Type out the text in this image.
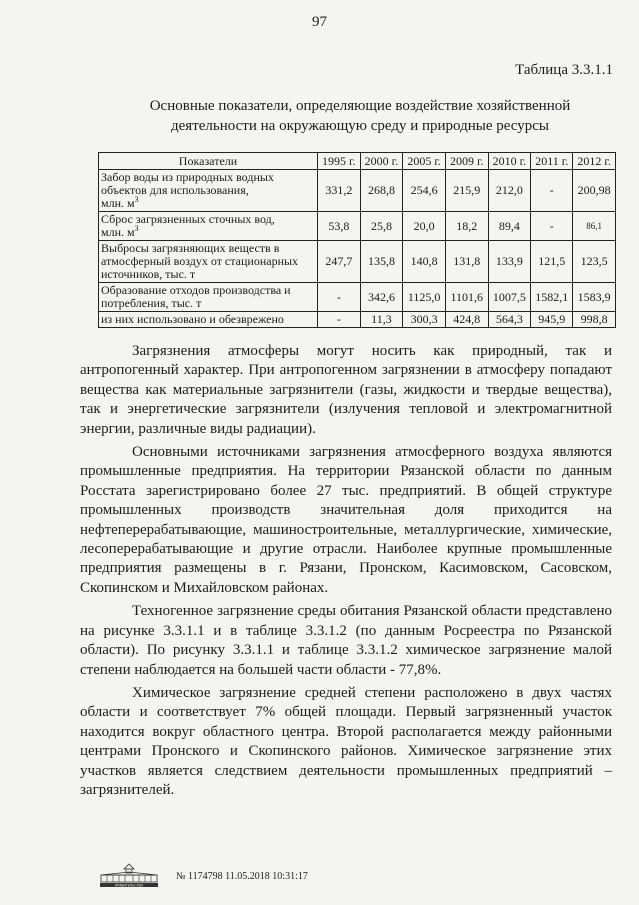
97
Таблица 3.3.1.1
Основные показатели, определяющие воздействие хозяйственной деятельности на окружающую среду и природные ресурсы
Показатели	1995 г.	2000 г.	2005 г.	2009 г.	2010 г.	2011 г.	2012 г.
Забор воды из природных водных объектов для использования,
млн. $м^3$	331,2	268,8	254,6	215,9	212,0	-	200,98
Сброс загрязненных сточных вод,
млн. $м^3$	53,8	25,8	20,0	18,2	89,4	-	86,1
Выбросы загрязняющих веществ в атмосферный воздух от стационарных источников, тыс. т	247,7	135,8	140,8	131,8	133,9	121,5	123,5
Образование отходов производства и потребления, тыс. т	-	342,6	1125,0	1101,6	1007,5	1582,1	1583,9
из них использовано и обезврежено	-	11,3	300,3	424,8	564,3	945,9	998,8

Загрязнения атмосферы могут носить как природный, так и антропогенный характер. При антропогенном загрязнении в атмосферу попадают вещества как материальные загрязнители (газы, жидкости и твердые вещества), так и энергетические загрязнители (излучения тепловой и электромагнитной энергии, различные виды радиации).

Основными источниками загрязнения атмосферного воздуха являются промышленные предприятия. На территории Рязанской области по данным Росстата зарегистрировано более 27 тыс. предприятий. В общей структуре промышленных производств значительная доля приходится на нефтеперерабатывающие, машиностроительные, металлургические, химические, лесоперерабатывающие и другие отрасли. Наиболее крупные промышленные предприятия размещены в г. Рязани, Пронском, Касимовском, Сасовском, Скопинском и Михайловском районах.

Техногенное загрязнение среды обитания Рязанской области представлено на рисунке 3.3.1.1 и в таблице 3.3.1.2 (по данным Росреестра по Рязанской области). По рисунку 3.3.1.1 и таблице 3.3.1.2 химическое загрязнение малой степени наблюдается на большей части области - 77,8%.

Химическое загрязнение средней степени расположено в двух частях области и соответствует 7% общей площади. Первый загрязненный участок находится вокруг областного центра. Второй располагается между районными центрами Пронского и Скопинского районов. Химическое загрязнение этих участков является следствием деятельности промышленных предприятий – загрязнителей.

ПРАВИТЕЛЬСТВО
№ 1174798 11.05.2018 10:31:17
